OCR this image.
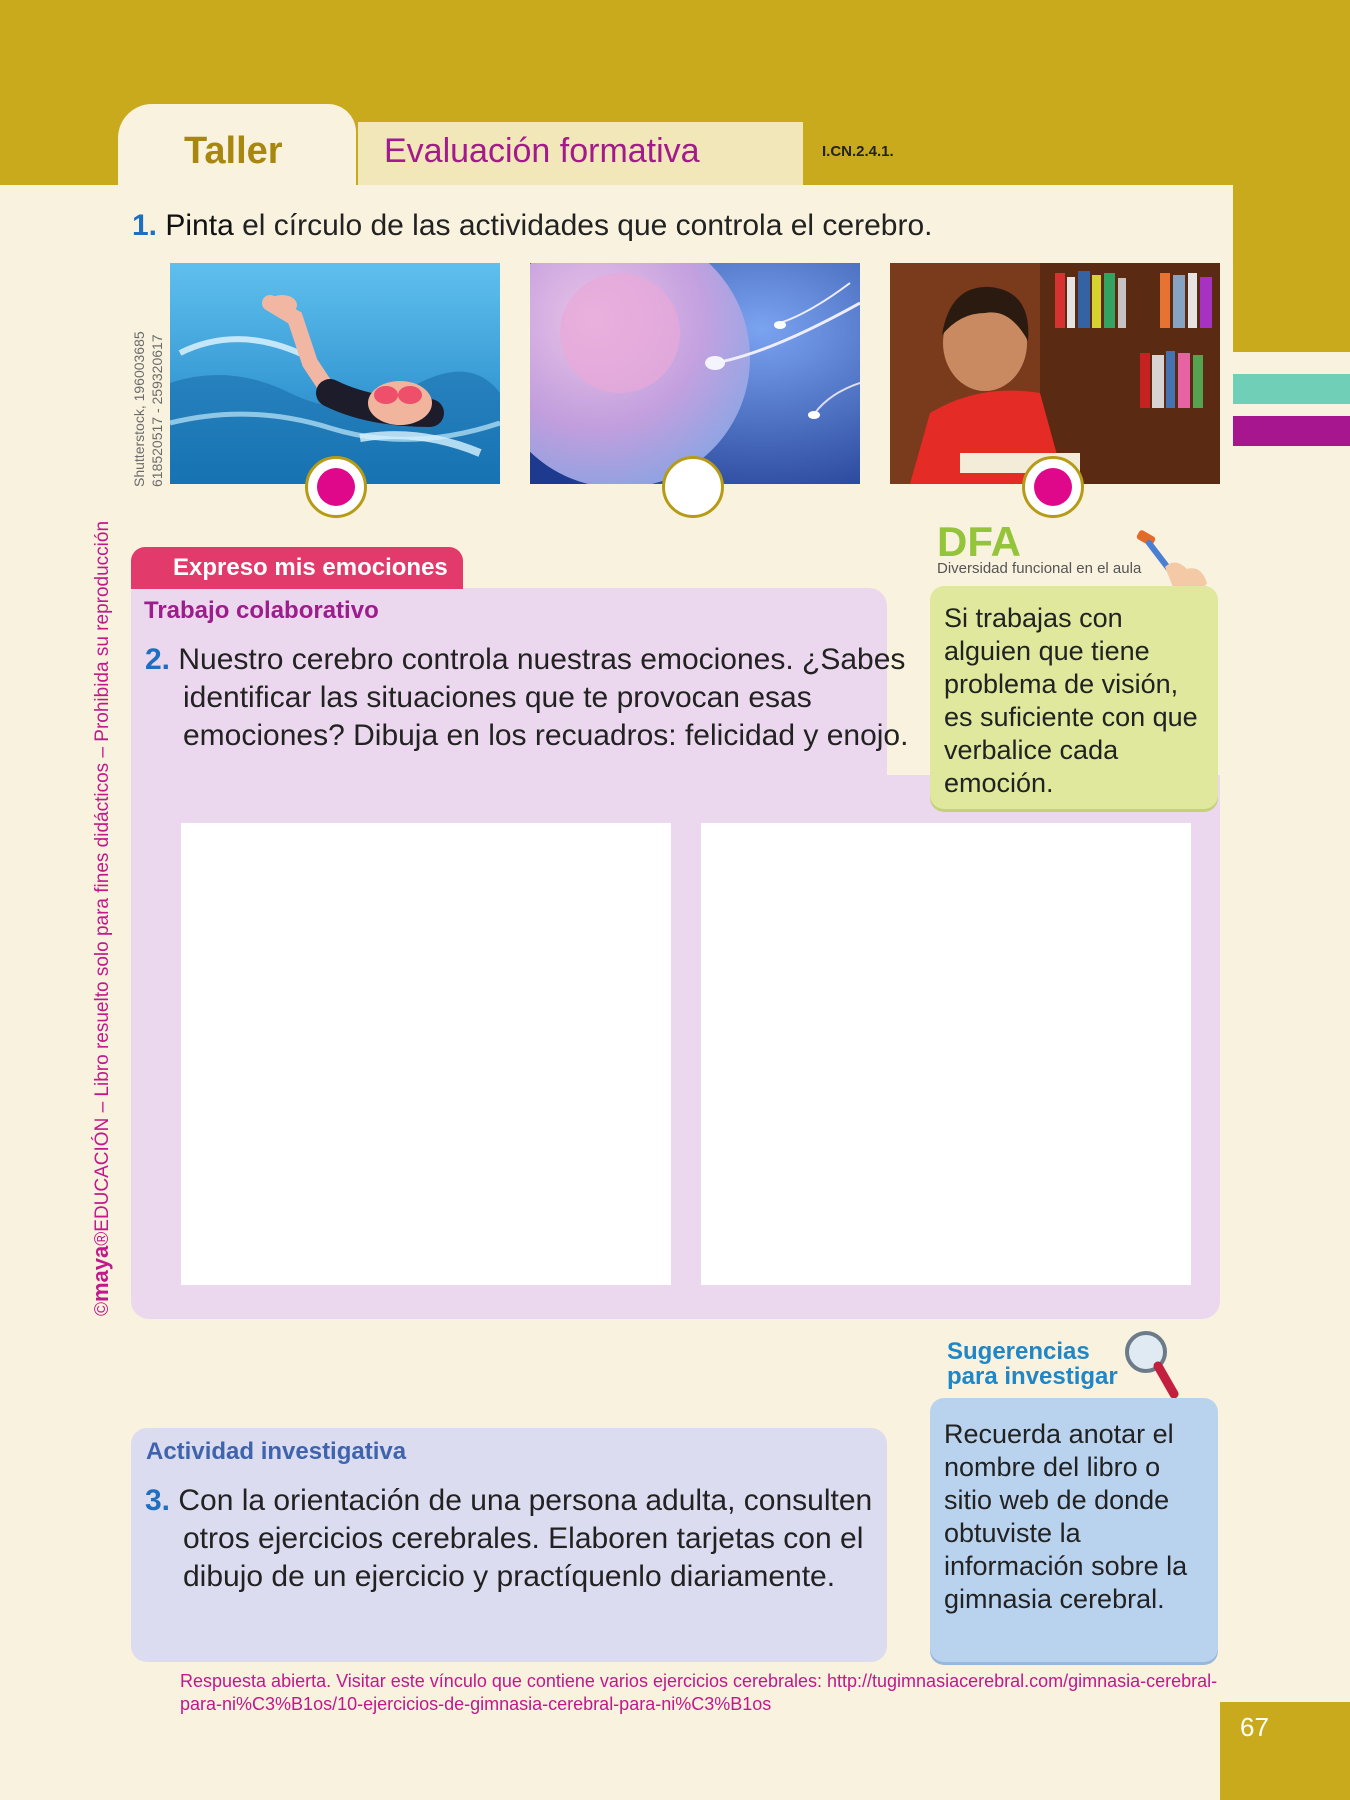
Taller	Evaluación formativa	I.CN.2.4.1.
©maya®EDUCACIÓN – Libro resuelto solo para fines didácticos – Prohibida su reproducción
1. Pinta el círculo de las actividades que controla el cerebro.
Shutterstock, 196003685 618520517 - 259320617
Expreso mis emociones
Trabajo colaborativo
2. Nuestro cerebro controla nuestras emociones. ¿Sabes identificar las situaciones que te provocan esas emociones? Dibuja en los recuadros: felicidad y enojo.
DFA
Diversidad funcional en el aula
Si trabajas con alguien que tiene problema de visión, es suficiente con que verbalice cada emoción.
Sugerencias
para investigar
Recuerda anotar el nombre del libro o sitio web de donde obtuviste la información sobre la gimnasia cerebral.
Actividad investigativa
3. Con la orientación de una persona adulta, consulten otros ejercicios cerebrales. Elaboren tarjetas con el dibujo de un ejercicio y practíquenlo diariamente.
Respuesta abierta. Visitar este vínculo que contiene varios ejercicios cerebrales: http://tugimnasiacerebral.com/gimnasia-cerebral-para-ni%C3%B1os/10-ejercicios-de-gimnasia-cerebral-para-ni%C3%B1os
67
